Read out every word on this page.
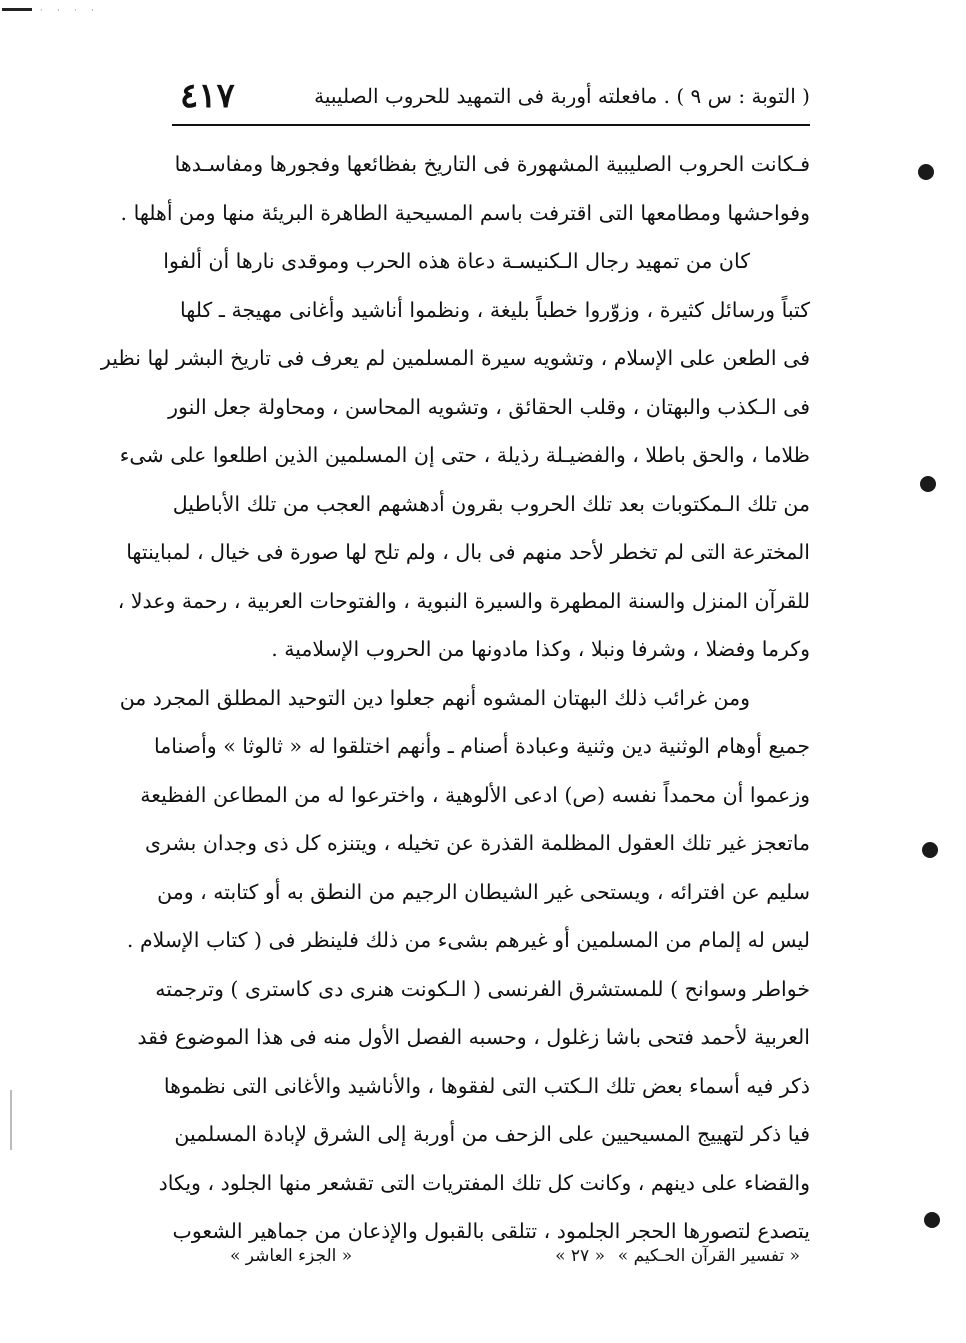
· · · ·
( التوبة : س ٩ ) . مافعلته أوربة فى التمهيد للحروب الصليبية
٤١٧
فـكانت الحروب الصليبية المشهورة فى التاريخ بفظائعها وفجورها ومفاسـدها
وفواحشها ومطامعها التى اقترفت باسم المسيحية الطاهرة البريئة منها ومن أهلها .
كان من تمهيد رجال الـكنيسـة دعاة هذه الحرب وموقدى نارها أن ألفوا
كتباً ورسائل كثيرة ، وزوّروا خطباً بليغة ، ونظموا أناشيد وأغانى مهيجة ـ كلها
فى الطعن على الإسلام ، وتشويه سيرة المسلمين لم يعرف فى تاريخ البشر لها نظير
فى الـكذب والبهتان ، وقلب الحقائق ، وتشويه المحاسن ، ومحاولة جعل النور
ظلاما ، والحق باطلا ، والفضيـلة رذيلة ، حتى إن المسلمين الذين اطلعوا على شىء
من تلك الـمكتوبات بعد تلك الحروب بقرون أدهشهم العجب من تلك الأباطيل
المخترعة التى لم تخطر لأحد منهم فى بال ، ولم تلح لها صورة فى خيال ، لمباينتها
للقرآن المنزل والسنة المطهرة والسيرة النبوية ، والفتوحات العربية ، رحمة وعدلا ،
وكرما وفضلا ، وشرفا ونبلا ، وكذا مادونها من الحروب الإسلامية .
ومن غرائب ذلك البهتان المشوه أنهم جعلوا دين التوحيد المطلق المجرد من
جميع أوهام الوثنية دين وثنية وعبادة أصنام ـ وأنهم اختلقوا له « ثالوثا » وأصناما
وزعموا أن محمداً نفسه (ص) ادعى الألوهية ، واخترعوا له من المطاعن الفظيعة
ماتعجز غير تلك العقول المظلمة القذرة عن تخيله ، ويتنزه كل ذى وجدان بشرى
سليم عن افترائه ، ويستحى غير الشيطان الرجيم من النطق به أو كتابته ، ومن
ليس له إلمام من المسلمين أو غيرهم بشىء من ذلك فلينظر فى ( كتاب الإسلام .
خواطر وسوانح ) للمستشرق الفرنسى ( الـكونت هنرى دى كاسترى ) وترجمته
العربية لأحمد فتحى باشا زغلول ، وحسبه الفصل الأول منه فى هذا الموضوع فقد
ذكر فيه أسماء بعض تلك الـكتب التى لفقوها ، والأناشيد والأغانى التى نظموها
فيا ذكر لتهييج المسيحيين على الزحف من أوربة إلى الشرق لإبادة المسلمين
والقضاء على دينهم ، وكانت كل تلك المفتريات التى تقشعر منها الجلود ، ويكاد
يتصدع لتصورها الحجر الجلمود ، تتلقى بالقبول والإذعان من جماهير الشعوب
« تفسير القرآن الحـكيم »
« ٢٧ »
« الجزء العاشر »
